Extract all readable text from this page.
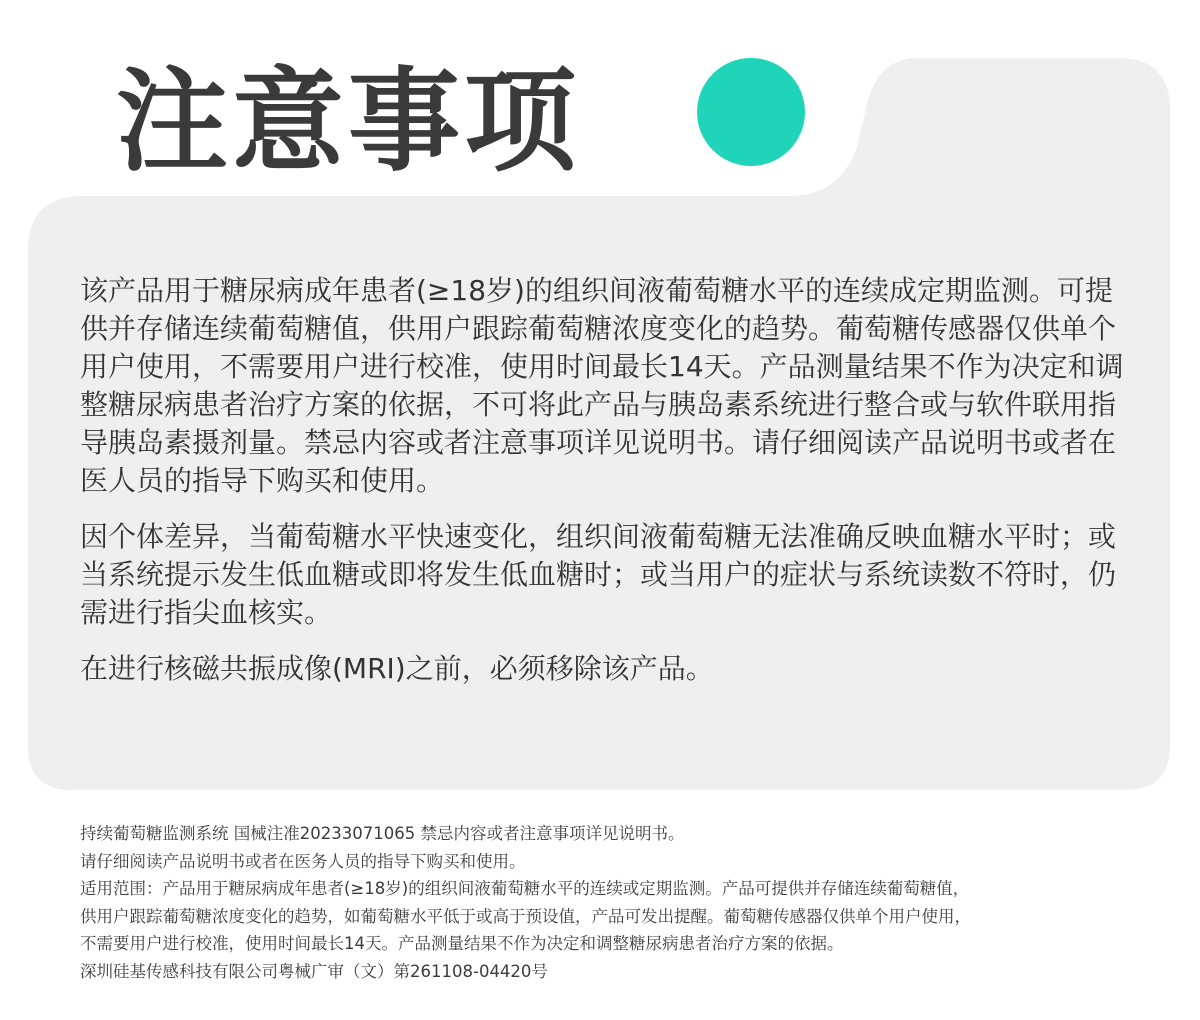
注意事项

该产品用于糖尿病成年患者(≥18岁)的组织间液葡萄糖水平的连续成定期监测。可提供并存储连续葡萄糖值，供用户跟踪葡萄糖浓度变化的趋势。葡萄糖传感器仅供单个用户使用，不需要用户进行校准，使用时间最长14天。产品测量结果不作为决定和调整糖尿病患者治疗方案的依据，不可将此产品与胰岛素系统进行整合或与软件联用指导胰岛素摄剂量。禁忌内容或者注意事项详见说明书。请仔细阅读产品说明书或者在医人员的指导下购买和使用。

因个体差异，当葡萄糖水平快速变化，组织间液葡萄糖无法准确反映血糖水平时；或当系统提示发生低血糖或即将发生低血糖时；或当用户的症状与系统读数不符时，仍需进行指尖血核实。

在进行核磁共振成像(MRI)之前，必须移除该产品。

持续葡萄糖监测系统 国械注准20233071065 禁忌内容或者注意事项详见说明书。
请仔细阅读产品说明书或者在医务人员的指导下购买和使用。
适用范围：产品用于糖尿病成年患者(≥18岁)的组织间液葡萄糖水平的连续或定期监测。产品可提供并存储连续葡萄糖值，
供用户跟踪葡萄糖浓度变化的趋势，如葡萄糖水平低于或高于预设值，产品可发出提醒。葡萄糖传感器仅供单个用户使用，
不需要用户进行校准，使用时间最长14天。产品测量结果不作为决定和调整糖尿病患者治疗方案的依据。
深圳硅基传感科技有限公司粤械广审（文）第261108-04420号
